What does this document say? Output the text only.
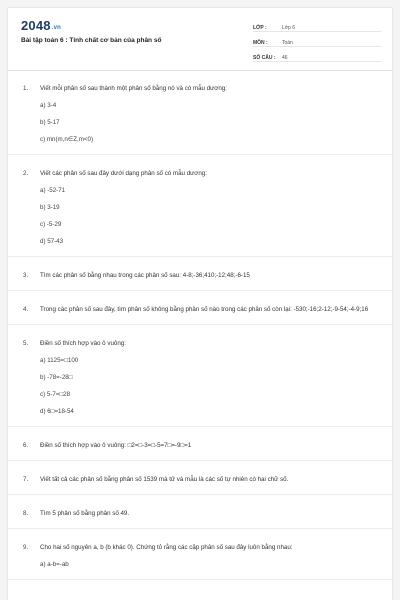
2048.vn
Bài tập toán 6 : Tính chất cơ bản của phân số
LỚP :	Lớp 6
MÔN :	Toán
SỐ CÂU :	46
1. Viết mỗi phân số sau thành một phân số bằng nó và có mẫu dương:
a) 3-4
b) 5-17
c) mn(m,n∈Z,m<0)
2. Viết các phân số sau đây dưới dạng phân số có mẫu dương:
a) -52-71
b) 3-19
c) -5-29
d) 57-43
3. Tìm các phân số bằng nhau trong các phân số sau: 4-8;-36;410;-12;48;-6-15
4. Trong các phân số sau đây, tìm phân số không bằng phân số nào trong các phân số còn lại: -530;-16;2-12;-9-54;-4-9;16
5. Điền số thích hợp vào ô vuông:
a) 1125=□100
b) -78=-28□
c) 5-7=□28
d) 6□=18-54
6. Điền số thích hợp vào ô vuông: □2=□-3=□-5=7□=-9□=1
7. Viết tất cả các phân số bằng phân số 1539 mà tử và mẫu là các số tự nhiên có hai chữ số.
8. Tìm 5 phân số bằng phân số 49.
9. Cho hai số nguyên a, b (b khác 0). Chứng tỏ rằng các cặp phân số sau đây luôn bằng nhau:
a) a-b=-ab
